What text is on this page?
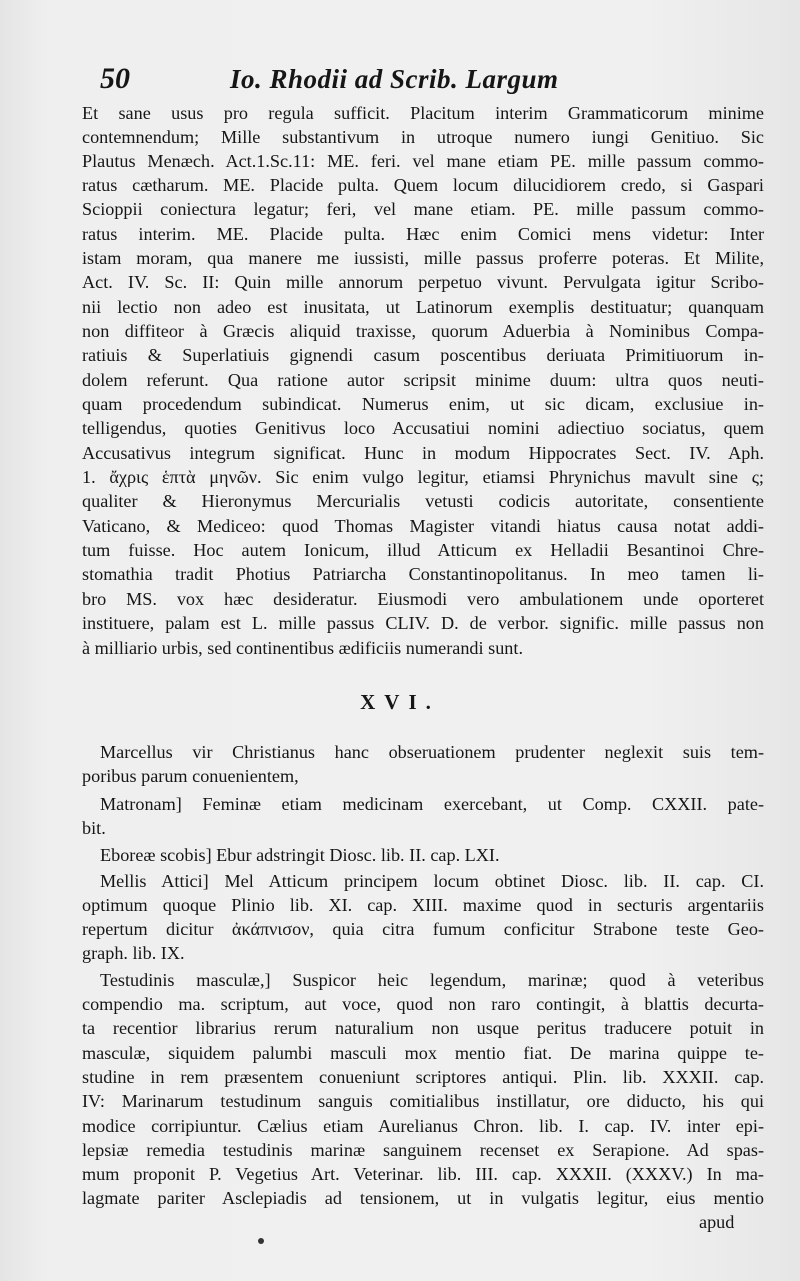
50	Io. Rhodii ad Scrib. Largum
Et sane usus pro regula sufficit. Placitum interim Grammaticorum minime
contemnendum; Mille substantivum in utroque numero iungi Genitiuo. Sic
Plautus Menæch. Act.1.Sc.11: ME. feri. vel mane etiam PE. mille passum commo-
ratus cætharum. ME. Placide pulta. Quem locum dilucidiorem credo, si Gaspari
Scioppii coniectura legatur; feri, vel mane etiam. PE. mille passum commo-
ratus interim. ME. Placide pulta. Hæc enim Comici mens videtur: Inter
istam moram, qua manere me iussisti, mille passus proferre poteras. Et Milite,
Act. IV. Sc. II: Quin mille annorum perpetuo vivunt. Pervulgata igitur Scribo-
nii lectio non adeo est inusitata, ut Latinorum exemplis destituatur; quanquam
non diffiteor à Græcis aliquid traxisse, quorum Aduerbia à Nominibus Compa-
ratiuis & Superlatiuis gignendi casum poscentibus deriuata Primitiuorum in-
dolem referunt. Qua ratione autor scripsit minime duum: ultra quos neuti-
quam procedendum subindicat. Numerus enim, ut sic dicam, exclusiue in-
telligendus, quoties Genitivus loco Accusatiui nomini adiectiuo sociatus, quem
Accusativus integrum significat. Hunc in modum Hippocrates Sect. IV. Aph.
1. ἄχρις ἑπτὰ μηνῶν. Sic enim vulgo legitur, etiamsi Phrynichus mavult sine ς;
qualiter & Hieronymus Mercurialis vetusti codicis autoritate, consentiente
Vaticano, & Mediceo: quod Thomas Magister vitandi hiatus causa notat addi-
tum fuisse. Hoc autem Ionicum, illud Atticum ex Helladii Besantinoi Chre-
stomathia tradit Photius Patriarcha Constantinopolitanus. In meo tamen li-
bro MS. vox hæc desideratur. Eiusmodi vero ambulationem unde oporteret
instituere, palam est L. mille passus CLIV. D. de verbor. signific. mille passus non
à milliario urbis, sed continentibus ædificiis numerandi sunt.
XVI.
Marcellus vir Christianus hanc obseruationem prudenter neglexit suis tem-
poribus parum conuenientem,
Matronam] Feminæ etiam medicinam exercebant, ut Comp. CXXII. pate-
bit.
Eboreæ scobis] Ebur adstringit Diosc. lib. II. cap. LXI.
Mellis Attici] Mel Atticum principem locum obtinet Diosc. lib. II. cap. CI.
optimum quoque Plinio lib. XI. cap. XIII. maxime quod in secturis argentariis
repertum dicitur ἀκάπνισον, quia citra fumum conficitur Strabone teste Geo-
graph. lib. IX.
Testudinis masculæ,] Suspicor heic legendum, marinæ; quod à veteribus
compendio ma. scriptum, aut voce, quod non raro contingit, à blattis decurta-
ta recentior librarius rerum naturalium non usque peritus traducere potuit in
masculæ, siquidem palumbi masculi mox mentio fiat. De marina quippe te-
studine in rem præsentem conueniunt scriptores antiqui. Plin. lib. XXXII. cap.
IV: Marinarum testudinum sanguis comitialibus instillatur, ore diducto, his qui
modice corripiuntur. Cælius etiam Aurelianus Chron. lib. I. cap. IV. inter epi-
lepsiæ remedia testudinis marinæ sanguinem recenset ex Serapione. Ad spas-
mum proponit P. Vegetius Art. Veterinar. lib. III. cap. XXXII. (XXXV.) In ma-
lagmate pariter Asclepiadis ad tensionem, ut in vulgatis legitur, eius mentio
apud
